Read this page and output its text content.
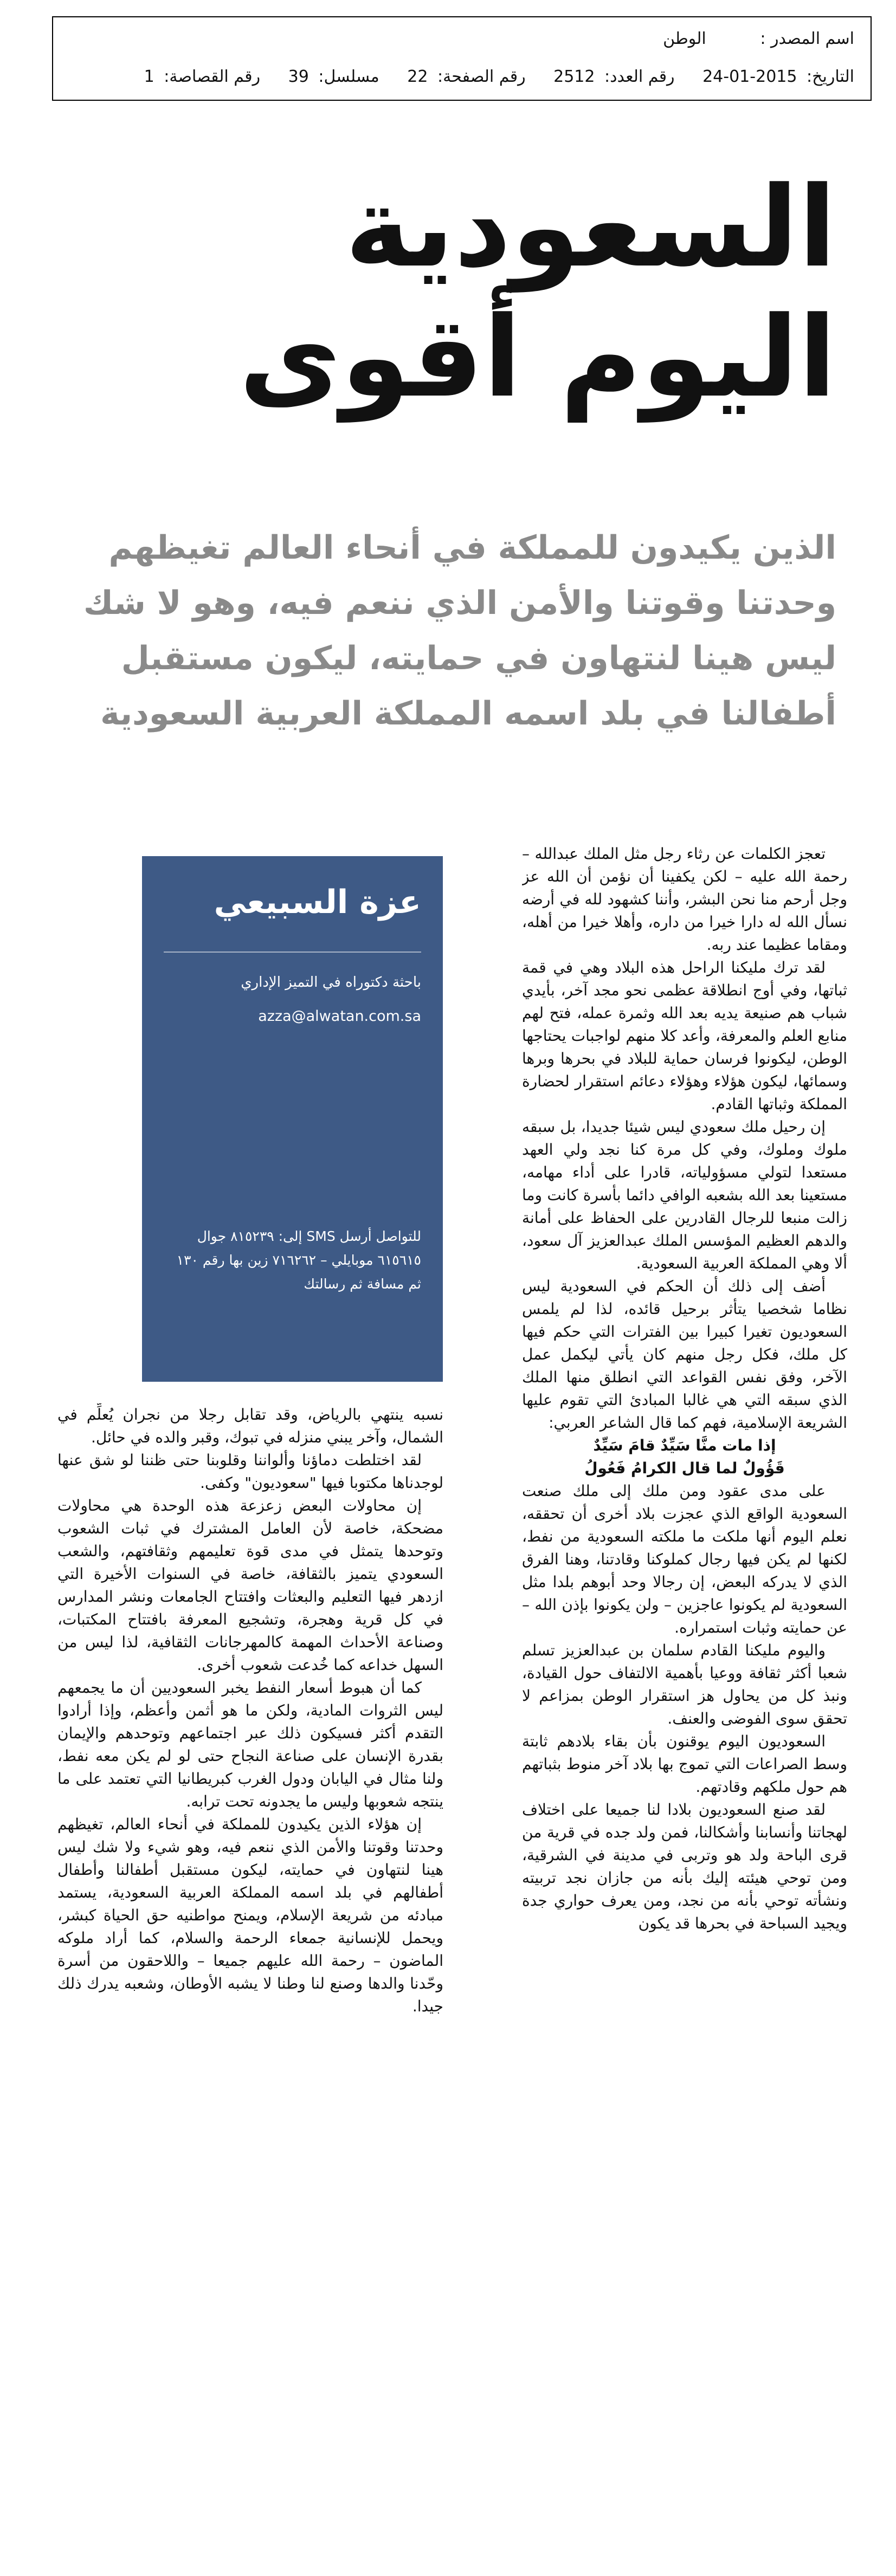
اسم المصدر : الوطن
التاريخ: 2015-01-24 رقم العدد: 2512 رقم الصفحة: 22 مسلسل: 39 رقم القصاصة: 1
السعودية
اليوم أقوى

الذين يكيدون للمملكة في أنحاء العالم تغيظهم وحدتنا وقوتنا والأمن الذي ننعم فيه، وهو لا شك ليس هينا لنتهاون في حمايته، ليكون مستقبل أطفالنا في بلد اسمه المملكة العربية السعودية

عزة السبيعي
باحثة دكتوراه في التميز الإداري
azza@alwatan.com.sa
للتواصل أرسل SMS إلى: ٨١٥٢٣٩ جوال ٦١٥٦١٥ موبايلي – ٧١٦٢٦٢ زين بها رقم ١٣٠ ثم مسافة ثم رسالتك

تعجز الكلمات عن رثاء رجل مثل الملك عبدالله – رحمة الله عليه – لكن يكفينا أن نؤمن أن الله عز وجل أرحم منا نحن البشر، وأننا كشهود لله في أرضه نسأل الله له دارا خيرا من داره، وأهلا خيرا من أهله، ومقاما عظيما عند ربه.

لقد ترك مليكنا الراحل هذه البلاد وهي في قمة ثباتها، وفي أوج انطلاقة عظمى نحو مجد آخر، بأيدي شباب هم صنيعة يديه بعد الله وثمرة عمله، فتح لهم منابع العلم والمعرفة، وأعد كلا منهم لواجبات يحتاجها الوطن، ليكونوا فرسان حماية للبلاد في بحرها وبرها وسمائها، ليكون هؤلاء وهؤلاء دعائم استقرار لحضارة المملكة وثباتها القادم.

إن رحيل ملك سعودي ليس شيئا جديدا، بل سبقه ملوك وملوك، وفي كل مرة كنا نجد ولي العهد مستعدا لتولي مسؤولياته، قادرا على أداء مهامه، مستعينا بعد الله بشعبه الوافي دائما بأسرة كانت وما زالت منبعا للرجال القادرين على الحفاظ على أمانة والدهم العظيم المؤسس الملك عبدالعزيز آل سعود، ألا وهي المملكة العربية السعودية.

أضف إلى ذلك أن الحكم في السعودية ليس نظاما شخصيا يتأثر برحيل قائده، لذا لم يلمس السعوديون تغيرا كبيرا بين الفترات التي حكم فيها كل ملك، فكل رجل منهم كان يأتي ليكمل عمل الآخر، وفق نفس القواعد التي انطلق منها الملك الذي سبقه التي هي غالبا المبادئ التي تقوم عليها الشريعة الإسلامية، فهم كما قال الشاعر العربي:

إذا مات منَّا سَيِّدٌ قامَ سَيِّدٌ

قَؤُولٌ لما قال الكرامُ فَعُولُ

على مدى عقود ومن ملك إلى ملك صنعت السعودية الواقع الذي عجزت بلاد أخرى أن تحققه، نعلم اليوم أنها ملكت ما ملكته السعودية من نفط، لكنها لم يكن فيها رجال كملوكنا وقادتنا، وهنا الفرق الذي لا يدركه البعض، إن رجالا وحد أبوهم بلدا مثل السعودية لم يكونوا عاجزين – ولن يكونوا بإذن الله – عن حمايته وثبات استمراره.

واليوم مليكنا القادم سلمان بن عبدالعزيز تسلم شعبا أكثر ثقافة ووعيا بأهمية الالتفاف حول القيادة، ونبذ كل من يحاول هز استقرار الوطن بمزاعم لا تحقق سوى الفوضى والعنف.

السعوديون اليوم يوقنون بأن بقاء بلادهم ثابتة وسط الصراعات التي تموج بها بلاد آخر منوط بثباتهم هم حول ملكهم وقادتهم.

لقد صنع السعوديون بلادا لنا جميعا على اختلاف لهجاتنا وأنسابنا وأشكالنا، فمن ولد جده في قرية من قرى الباحة ولد هو وتربى في مدينة في الشرقية، ومن توحي هيئته إليك بأنه من جازان نجد تربيته ونشأته توحي بأنه من نجد، ومن يعرف حواري جدة ويجيد السباحة في بحرها قد يكون

نسبه ينتهي بالرياض، وقد تقابل رجلا من نجران يُعلِّم في الشمال، وآخر يبني منزله في تبوك، وقبر والده في حائل.

لقد اختلطت دماؤنا وألواننا وقلوبنا حتى ظننا لو شق عنها لوجدناها مكتوبا فيها "سعوديون" وكفى.

إن محاولات البعض زعزعة هذه الوحدة هي محاولات مضحكة، خاصة لأن العامل المشترك في ثبات الشعوب وتوحدها يتمثل في مدى قوة تعليمهم وثقافتهم، والشعب السعودي يتميز بالثقافة، خاصة في السنوات الأخيرة التي ازدهر فيها التعليم والبعثات وافتتاح الجامعات ونشر المدارس في كل قرية وهجرة، وتشجيع المعرفة بافتتاح المكتبات، وصناعة الأحداث المهمة كالمهرجانات الثقافية، لذا ليس من السهل خداعه كما خُدعت شعوب أخرى.

كما أن هبوط أسعار النفط يخبر السعوديين أن ما يجمعهم ليس الثروات المادية، ولكن ما هو أثمن وأعظم، وإذا أرادوا التقدم أكثر فسيكون ذلك عبر اجتماعهم وتوحدهم والإيمان بقدرة الإنسان على صناعة النجاح حتى لو لم يكن معه نفط، ولنا مثال في اليابان ودول الغرب كبريطانيا التي تعتمد على ما ينتجه شعوبها وليس ما يجدونه تحت ترابه.

إن هؤلاء الذين يكيدون للمملكة في أنحاء العالم، تغيظهم وحدتنا وقوتنا والأمن الذي ننعم فيه، وهو شيء ولا شك ليس هينا لنتهاون في حمايته، ليكون مستقبل أطفالنا وأطفال أطفالهم في بلد اسمه المملكة العربية السعودية، يستمد مبادئه من شريعة الإسلام، ويمنح مواطنيه حق الحياة كبشر، ويحمل للإنسانية جمعاء الرحمة والسلام، كما أراد ملوكه الماضون – رحمة الله عليهم جميعا – واللاحقون من أسرة وحّدنا والدها وصنع لنا وطنا لا يشبه الأوطان، وشعبه يدرك ذلك جيدا.
